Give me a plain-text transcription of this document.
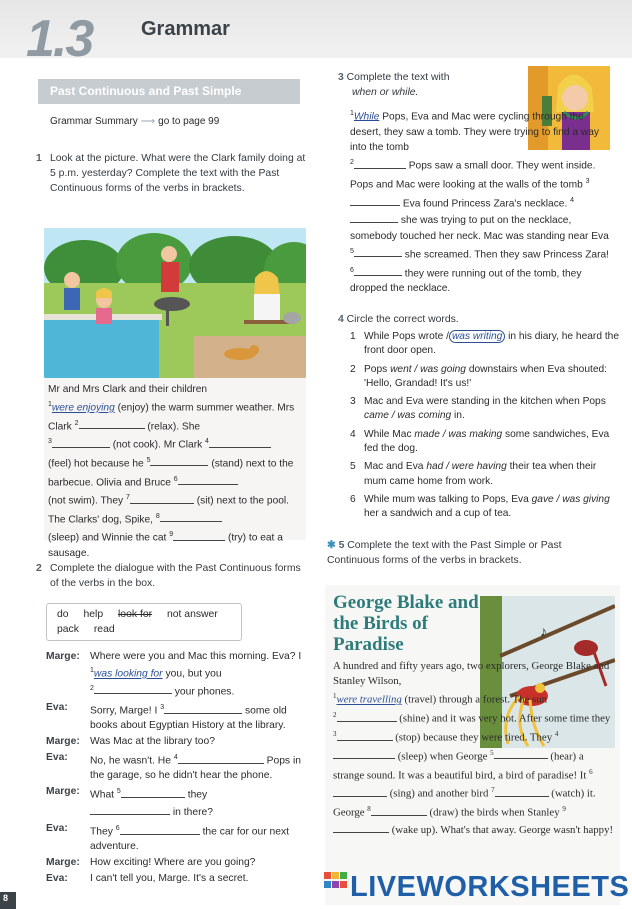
1.3 Grammar
Past Continuous and Past Simple
Grammar Summary ⟶ go to page 99
1 Look at the picture. What were the Clark family doing at 5 p.m. yesterday? Complete the text with the Past Continuous forms of the verbs in brackets.
Mr and Mrs Clark and their children
$^1$were enjoying (enjoy) the warm summer weather. Mrs Clark $^2$	(relax). She
$^3$	(not cook). Mr Clark $^4$
(feel) hot because he $^5$	(stand) next to the barbecue. Olivia and Bruce $^6$
(not swim). They $^7$	(sit) next to the pool. The Clarks' dog, Spike, $^8$
(sleep) and Winnie the cat $^9$	(try) to eat a sausage.
2 Complete the dialogue with the Past Continuous forms of the verbs in the box.
do help look for not answer
pack read
Marge: Where were you and Mac this morning. Eva? I $^1$was looking for you, but you
$^2$	your phones.
Eva: Sorry, Marge! I $^3$	some old books about Egyptian History at the library.
Marge: Was Mac at the library too?
Eva: No, he wasn't. He $^4$	Pops in the garage, so he didn't hear the phone.
Marge: What $^5$	they
in there?
Eva: They $^6$	the car for our next adventure.
Marge: How exciting! Where are you going?
Eva: I can't tell you, Marge. It's a secret.
3 Complete the text with
when or while.
$^1$While Pops, Eva and Mac were cycling through the desert, they saw a tomb. They were trying to find a way into the tomb
$^2$	Pops saw a small door. They went inside. Pops and Mac were looking at the walls of the tomb $^3$ Eva found Princess Zara's necklace. $^4$ she was trying to put on the necklace, somebody touched her neck. Mac was standing near Eva $^5$	she screamed. Then they saw Princess Zara!
$^6$	they were running out of the tomb, they dropped the necklace.
4 Circle the correct words.
1 While Pops wrote / was writing in his diary, he heard the front door open.
2 Pops went / was going downstairs when Eva shouted: 'Hello, Grandad! It's us!'
3 Mac and Eva were standing in the kitchen when Pops came / was coming in.
4 While Mac made / was making some sandwiches, Eva fed the dog.
5 Mac and Eva had / were having their tea when their mum came home from work.
6 While mum was talking to Pops, Eva gave / was giving her a sandwich and a cup of tea.
✱ 5 Complete the text with the Past Simple or Past Continuous forms of the verbs in brackets.
George Blake and the Birds of Paradise
♪
A hundred and fifty years ago, two explorers, George Blake and Stanley Wilson,
$^1$were travelling (travel) through a forest. The sun
$^2$	(shine) and it was very hot. After some time they $^3$	(stop) because they were tired. They $^4$ (sleep) when George $^5$	(hear) a strange sound. It was a beautiful bird, a bird of paradise! It $^6$ (sing) and another bird $^7$	(watch) it. George $^8$	(draw) the birds when Stanley $^9$ (wake up). What's that away. George wasn't happy!
LIVEWORKSHEETS
8
